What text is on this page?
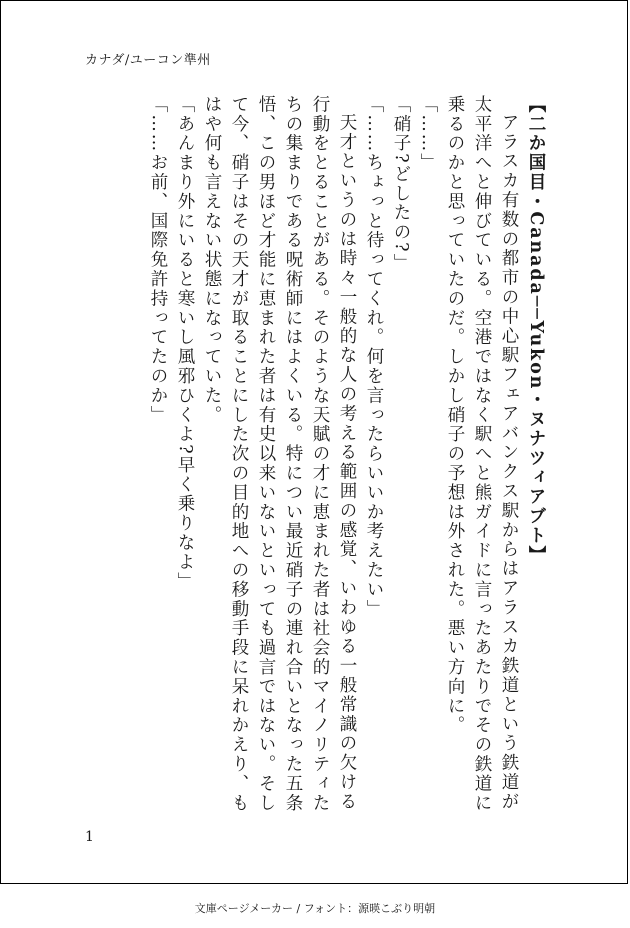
カナダ/ユーコン準州

【二か国目・Canada──Yukon・ヌナツィアブト】

アラスカ有数の都市の中心駅フェアバンクス駅からはアラスカ鉄道という鉄道が太平洋へと伸びている。空港ではなく駅へと熊ガイドに言ったあたりでその鉄道に乗るのかと思っていたのだ。しかし硝子の予想は外された。悪い方向に。

「……」

「硝子?どしたの?」

「……ちょっと待ってくれ。何を言ったらいいか考えたい」

天才というのは時々一般的な人の考える範囲の感覚、いわゆる一般常識の欠ける行動をとることがある。そのような天賦の才に恵まれた者は社会的マイノリティたちの集まりである呪術師にはよくいる。特につい最近硝子の連れ合いとなった五条悟、この男ほど才能に恵まれた者は有史以来いないといっても過言ではない。そして今、硝子はその天才が取ることにした次の目的地への移動手段に呆れかえり、もはや何も言えない状態になっていた。

「あんまり外にいると寒いし風邪ひくよ?早く乗りなよ」

「……お前、国際免許持ってたのか」

1
文庫ページメーカー / フォント：源暎こぶり明朝
